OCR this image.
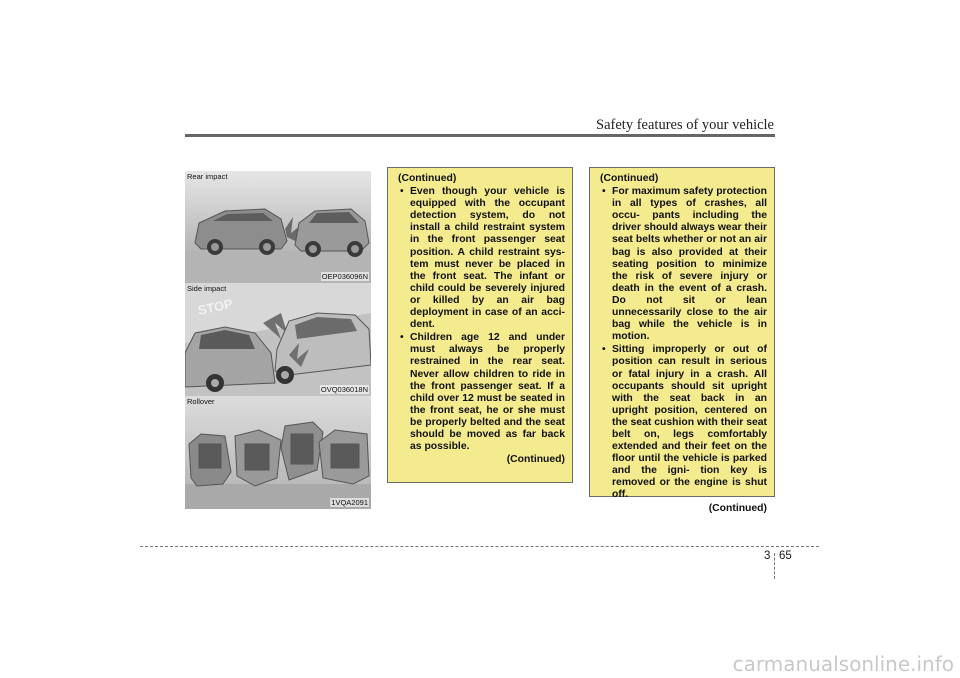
Safety features of your vehicle
Rear impact
OEP036096N
STOP
Side impact
OVQ036018N
Rollover
1VQA2091
(Continued)
• Even though your vehicle is equipped with the occupant detection system, do not install a child restraint system in the front passenger seat position. A child restraint sys- tem must never be placed in the front seat. The infant or child could be severely injured or killed by an air bag deployment in case of an acci- dent.
• Children age 12 and under must always be properly restrained in the rear seat. Never allow children to ride in the front passenger seat. If a child over 12 must be seated in the front seat, he or she must be properly belted and the seat should be moved as far back as possible.
(Continued)
(Continued)
• For maximum safety protection in all types of crashes, all occu- pants including the driver should always wear their seat belts whether or not an air bag is also provided at their seating position to minimize the risk of severe injury or death in the event of a crash. Do not sit or lean unnecessarily close to the air bag while the vehicle is in motion.
• Sitting improperly or out of position can result in serious or fatal injury in a crash. All occupants should sit upright with the seat back in an upright position, centered on the seat cushion with their seat belt on, legs comfortably extended and their feet on the floor until the vehicle is parked and the igni- tion key is removed or the engine is shut off.
(Continued)
3 65
carmanualsonline.info
